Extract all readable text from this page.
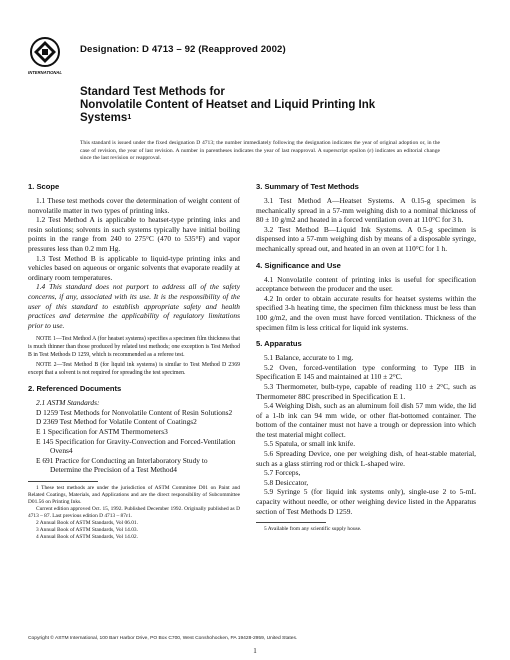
INTERNATIONAL
Designation: D 4713 – 92 (Reapproved 2002)
Standard Test Methods for
Nonvolatile Content of Heatset and Liquid Printing Ink
Systems$^1$
This standard is issued under the fixed designation D 4713; the number immediately following the designation indicates the year of original adoption or, in the case of revision, the year of last revision. A number in parentheses indicates the year of last reapproval. A superscript epsilon (ε) indicates an editorial change since the last revision or reapproval.
1. Scope

1.1 These test methods cover the determination of weight content of nonvolatile matter in two types of printing inks.

1.2 Test Method A is applicable to heatset-type printing inks and resin solutions; solvents in such systems typically have initial boiling points in the range from 240 to 275°C (470 to 535°F) and vapor pressures less than 0.2 mm Hg.

1.3 Test Method B is applicable to liquid-type printing inks and vehicles based on aqueous or organic solvents that evaporate readily at ordinary room temperatures.

1.4 This standard does not purport to address all of the safety concerns, if any, associated with its use. It is the responsibility of the user of this standard to establish appropriate safety and health practices and determine the applicability of regulatory limitations prior to use.

NOTE 1—Test Method A (for heatset systems) specifies a specimen film thickness that is much thinner than those produced by related test methods; one exception is Test Method B in Test Methods D 1259, which is recommended as a referee test.

NOTE 2—Test Method B (for liquid ink systems) is similar to Test Method D 2369 except that a solvent is not required for spreading the test specimen.

2. Referenced Documents

2.1 ASTM Standards:

D 1259 Test Methods for Nonvolatile Content of Resin Solutions2

D 2369 Test Method for Volatile Content of Coatings2

E 1 Specification for ASTM Thermometers3

E 145 Specification for Gravity-Convection and Forced-Ventilation Ovens4

E 691 Practice for Conducting an Interlaboratory Study to Determine the Precision of a Test Method4

1 These test methods are under the jurisdiction of ASTM Committee D01 on Paint and Related Coatings, Materials, and Applications and are the direct responsibility of Subcommittee D01.56 on Printing Inks.

Current edition approved Oct. 15, 1992. Published December 1992. Originally published as D 4713 – 87. Last previous edition D 4713 – 87ε1.

2 Annual Book of ASTM Standards, Vol 06.01.

3 Annual Book of ASTM Standards, Vol 14.03.

4 Annual Book of ASTM Standards, Vol 14.02.

3. Summary of Test Methods

3.1 Test Method A—Heatset Systems. A 0.15-g specimen is mechanically spread in a 57-mm weighing dish to a nominal thickness of 80 ± 10 g/m2 and heated in a forced ventilation oven at 110°C for 3 h.

3.2 Test Method B—Liquid Ink Systems. A 0.5-g specimen is dispensed into a 57-mm weighing dish by means of a disposable syringe, mechanically spread out, and heated in an oven at 110°C for 1 h.

4. Significance and Use

4.1 Nonvolatile content of printing inks is useful for specification acceptance between the producer and the user.

4.2 In order to obtain accurate results for heatset systems within the specified 3-h heating time, the specimen film thickness must be less than 100 g/m2, and the oven must have forced ventilation. Thickness of the specimen film is less critical for liquid ink systems.

5. Apparatus

5.1 Balance, accurate to 1 mg.

5.2 Oven, forced-ventilation type conforming to Type IIB in Specification E 145 and maintained at 110 ± 2°C.

5.3 Thermometer, bulb-type, capable of reading 110 ± 2°C, such as Thermometer 88C prescribed in Specification E 1.

5.4 Weighing Dish, such as an aluminum foil dish 57 mm wide, the lid of a 1-lb ink can 94 mm wide, or other flat-bottomed container. The bottom of the container must not have a trough or depression into which the test material might collect.

5.5 Spatula, or small ink knife.

5.6 Spreading Device, one per weighing dish, of heat-stable material, such as a glass stirring rod or thick L-shaped wire.

5.7 Forceps,

5.8 Desiccator,

5.9 Syringe 5 (for liquid ink systems only), single-use 2 to 5-mL capacity without needle, or other weighing device listed in the Apparatus section of Test Methods D 1259.

5 Available from any scientific supply house.

Copyright © ASTM International, 100 Barr Harbor Drive, PO Box C700, West Conshohocken, PA 19428-2959, United States.
1
